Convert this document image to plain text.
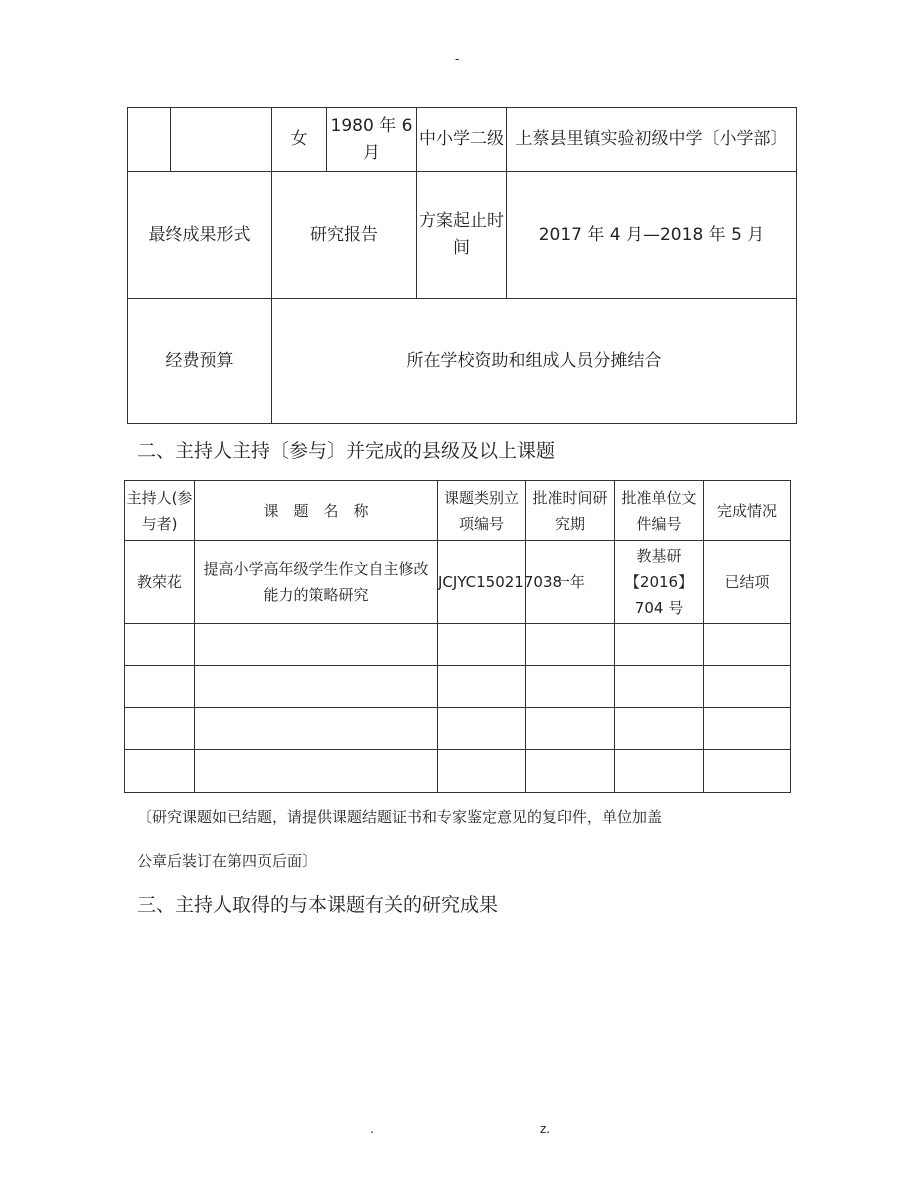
-
		女	1980 年 6 月	中小学二级	上蔡县里镇实验初级中学〔小学部〕
最终成果形式		研究报告		方案起止时间	2017 年 4 月—2018 年 5 月
经费预算		所在学校资助和组成人员分摊结合			
二、主持人主持〔参与〕并完成的县级及以上课题
主持人(参与者)	课　题　名　称	课题类别立项编号	批准时间研究期	批准单位文件编号	完成情况
教荣花	提高小学高年级学生作文自主修改能力的策略研究	JCJYC150217038	一年	教基研【2016】704 号	已结项

〔研究课题如已结题，请提供课题结题证书和专家鉴定意见的复印件，单位加盖
公章后装订在第四页后面〕
三、主持人取得的与本课题有关的研究成果
.	z.
